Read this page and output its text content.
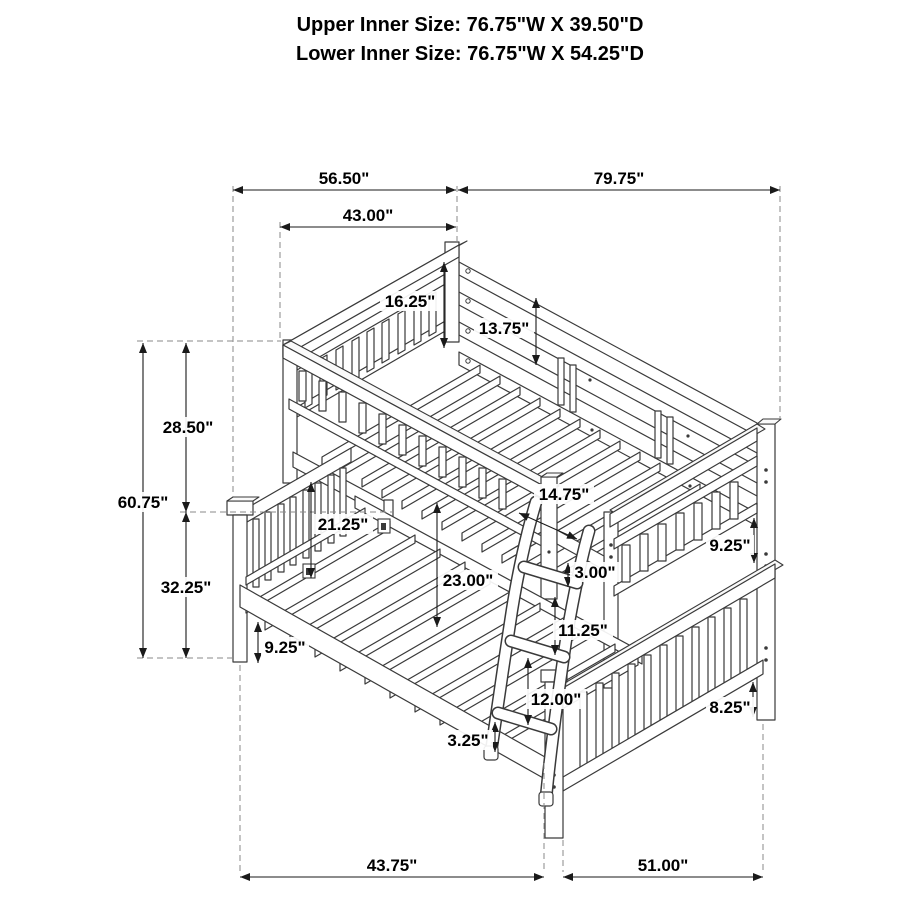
Upper Inner Size: 76.75"W X 39.50"D
Lower Inner Size: 76.75"W X 54.25"D
56.50"	79.75"
43.00"
60.75"
28.50"
32.25"
16.25"
13.75"
21.25"
14.75"
23.00"	3.00"
11.25"
12.00"
3.25"
9.25"
9.25"
8.25"
43.75"	51.00"
